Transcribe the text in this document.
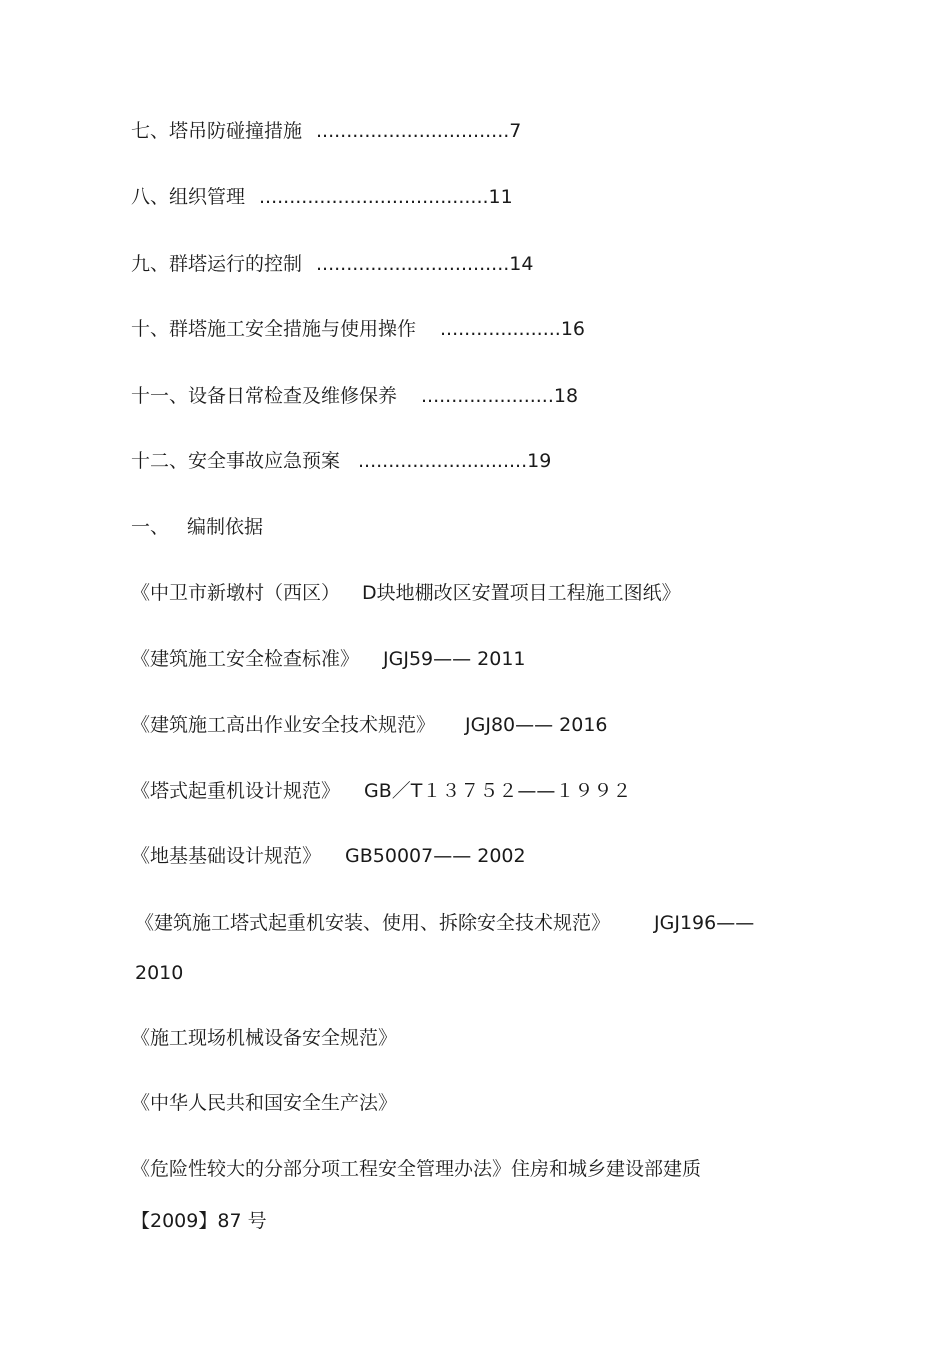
七、塔吊防碰撞措施 ................................7
八、组织管理 ......................................11
九、群塔运行的控制 ................................14
十、群塔施工安全措施与使用操作 ....................16
十一、设备日常检查及维修保养 ......................18
十二、安全事故应急预案 ............................19
一、 编制依据
《中卫市新墩村（西区） D块地棚改区安置项目工程施工图纸》
《建筑施工安全检查标准》 JGJ59—— 2011
《建筑施工高出作业安全技术规范》 JGJ80—— 2016
《塔式起重机设计规范》 GB／T１３７５２——１９９２
《地基基础设计规范》 GB50007—— 2002
《建筑施工塔式起重机安装、使用、拆除安全技术规范》 JGJ196——
2010
《施工现场机械设备安全规范》
《中华人民共和国安全生产法》
《危险性较大的分部分项工程安全管理办法》住房和城乡建设部建质
【2009】87 号
